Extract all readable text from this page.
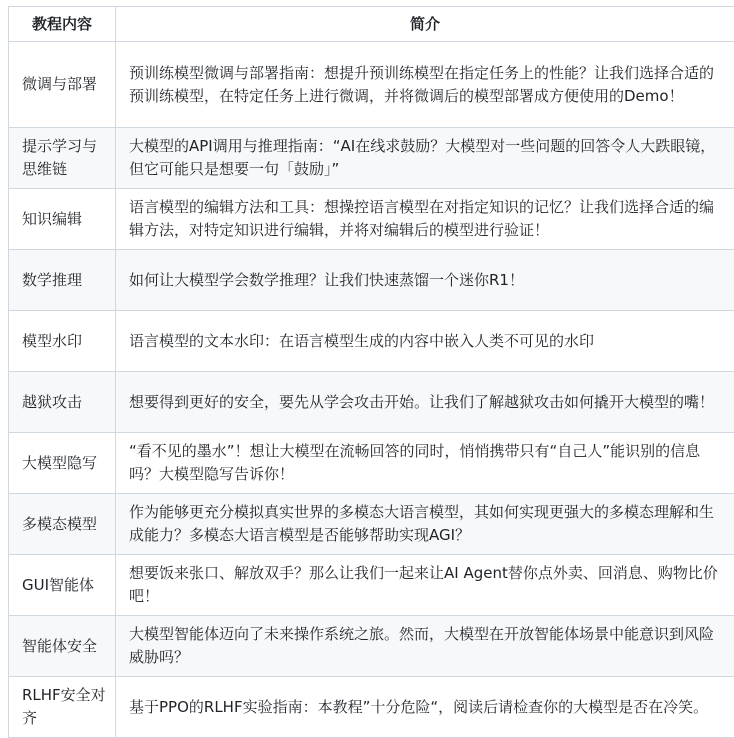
教程内容	简介
微调与部署	预训练模型微调与部署指南：想提升预训练模型在指定任务上的性能？让我们选择合适的预训练模型，在特定任务上进行微调，并将微调后的模型部署成方便使用的Demo！
提示学习与思维链	大模型的API调用与推理指南：“AI在线求鼓励？大模型对一些问题的回答令人大跌眼镜，但它可能只是想要一句「鼓励」”
知识编辑	语言模型的编辑方法和工具：想操控语言模型在对指定知识的记忆？让我们选择合适的编辑方法，对特定知识进行编辑，并将对编辑后的模型进行验证！
数学推理	如何让大模型学会数学推理？让我们快速蒸馏一个迷你R1！
模型水印	语言模型的文本水印：在语言模型生成的内容中嵌入人类不可见的水印
越狱攻击	想要得到更好的安全，要先从学会攻击开始。让我们了解越狱攻击如何撬开大模型的嘴！
大模型隐写	“看不见的墨水”！想让大模型在流畅回答的同时，悄悄携带只有“自己人”能识别的信息吗？大模型隐写告诉你！
多模态模型	作为能够更充分模拟真实世界的多模态大语言模型，其如何实现更强大的多模态理解和生成能力？多模态大语言模型是否能够帮助实现AGI？
GUI智能体	想要饭来张口、解放双手？那么让我们一起来让AI Agent替你点外卖、回消息、购物比价吧！
智能体安全	大模型智能体迈向了未来操作系统之旅。然而，大模型在开放智能体场景中能意识到风险威胁吗？
RLHF安全对齐	基于PPO的RLHF实验指南：本教程”十分危险“，阅读后请检查你的大模型是否在冷笑。
